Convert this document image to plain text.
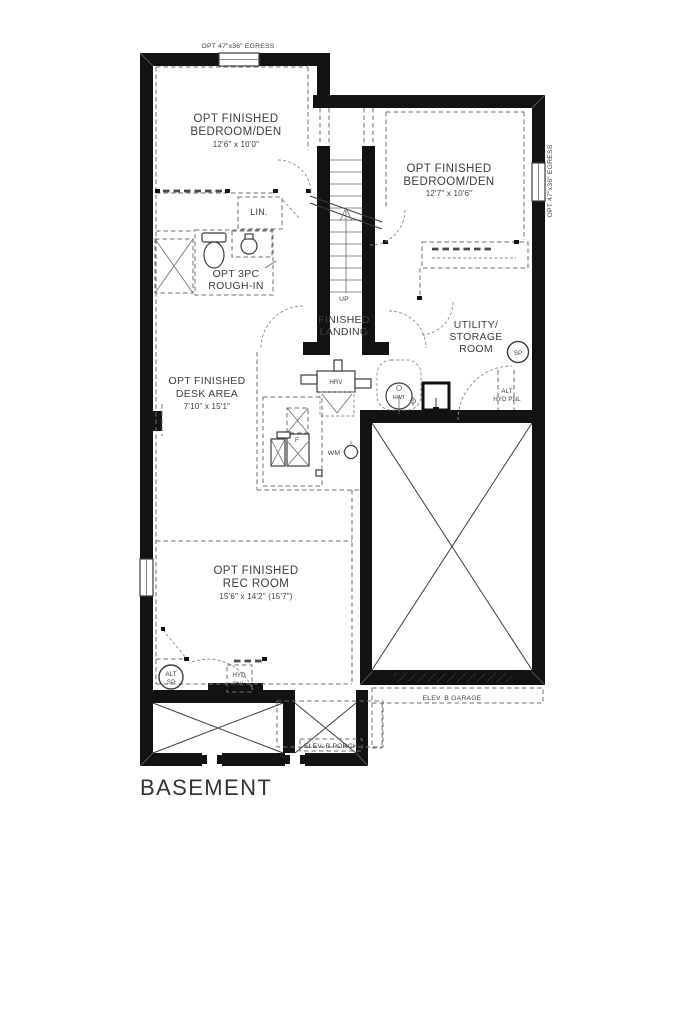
OPT 47"x36" EGRESS
OPT 47"x36" EGRESS
OPT FINISHED
BEDROOM/DEN
12'6" x 10'0"
OPT FINISHED
BEDROOM/DEN
12'7" x 10'6"
LIN.
OPT 3PC
ROUGH-IN
UP
FINISHED
LANDING
UTILITY/
STORAGE
ROOM	SP
ALT
HYD PNL
HWT
HRV
WM
F
OPT FINISHED
DESK AREA
7'10" x 15'1"
OPT FINISHED
REC ROOM
15'6" x 14'2" (15'7")
ALT
SP
HYD
PNL
ELEV. B GARAGE
ELEV. B PORCH
BASEMENT
